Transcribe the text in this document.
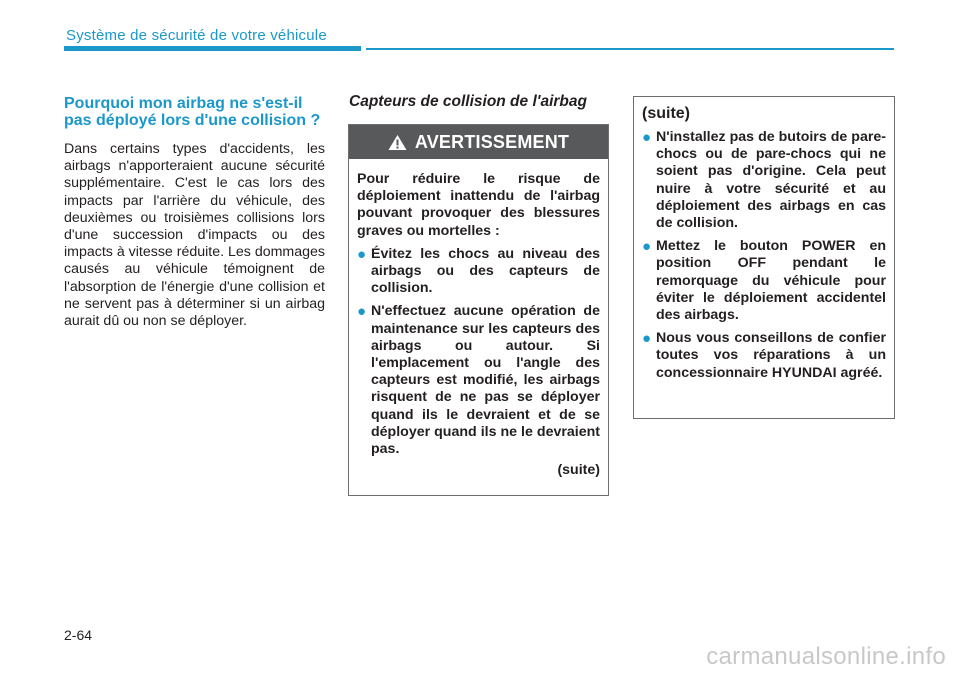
Système de sécurité de votre véhicule
Pourquoi mon airbag ne s'est-il pas déployé lors d'une collision ?

Dans certains types d'accidents, les airbags n'apporteraient aucune sécurité supplémentaire. C'est le cas lors des impacts par l'arrière du véhicule, des deuxièmes ou troisièmes collisions lors d'une succession d'impacts ou des impacts à vitesse réduite. Les dommages causés au véhicule témoignent de l'absorption de l'énergie d'une collision et ne servent pas à déterminer si un airbag aurait dû ou non se déployer.

Capteurs de collision de l'airbag
AVERTISSEMENT

Pour réduire le risque de déploiement inattendu de l'airbag pouvant provoquer des blessures graves ou mortelles :

● Évitez les chocs au niveau des airbags ou des capteurs de collision.

● N'effectuez aucune opération de maintenance sur les capteurs des airbags ou autour. Si l'emplacement ou l'angle des capteurs est modifié, les airbags risquent de ne pas se déployer quand ils le devraient et de se déployer quand ils ne le devraient pas.

(suite)
(suite)
● N'installez pas de butoirs de pare-chocs ou de pare-chocs qui ne soient pas d'origine. Cela peut nuire à votre sécurité et au déploiement des airbags en cas de collision.

● Mettez le bouton POWER en position OFF pendant le remorquage du véhicule pour éviter le déploiement accidentel des airbags.

● Nous vous conseillons de confier toutes vos réparations à un concessionnaire HYUNDAI agréé.

2-64
carmanualsonline.info
